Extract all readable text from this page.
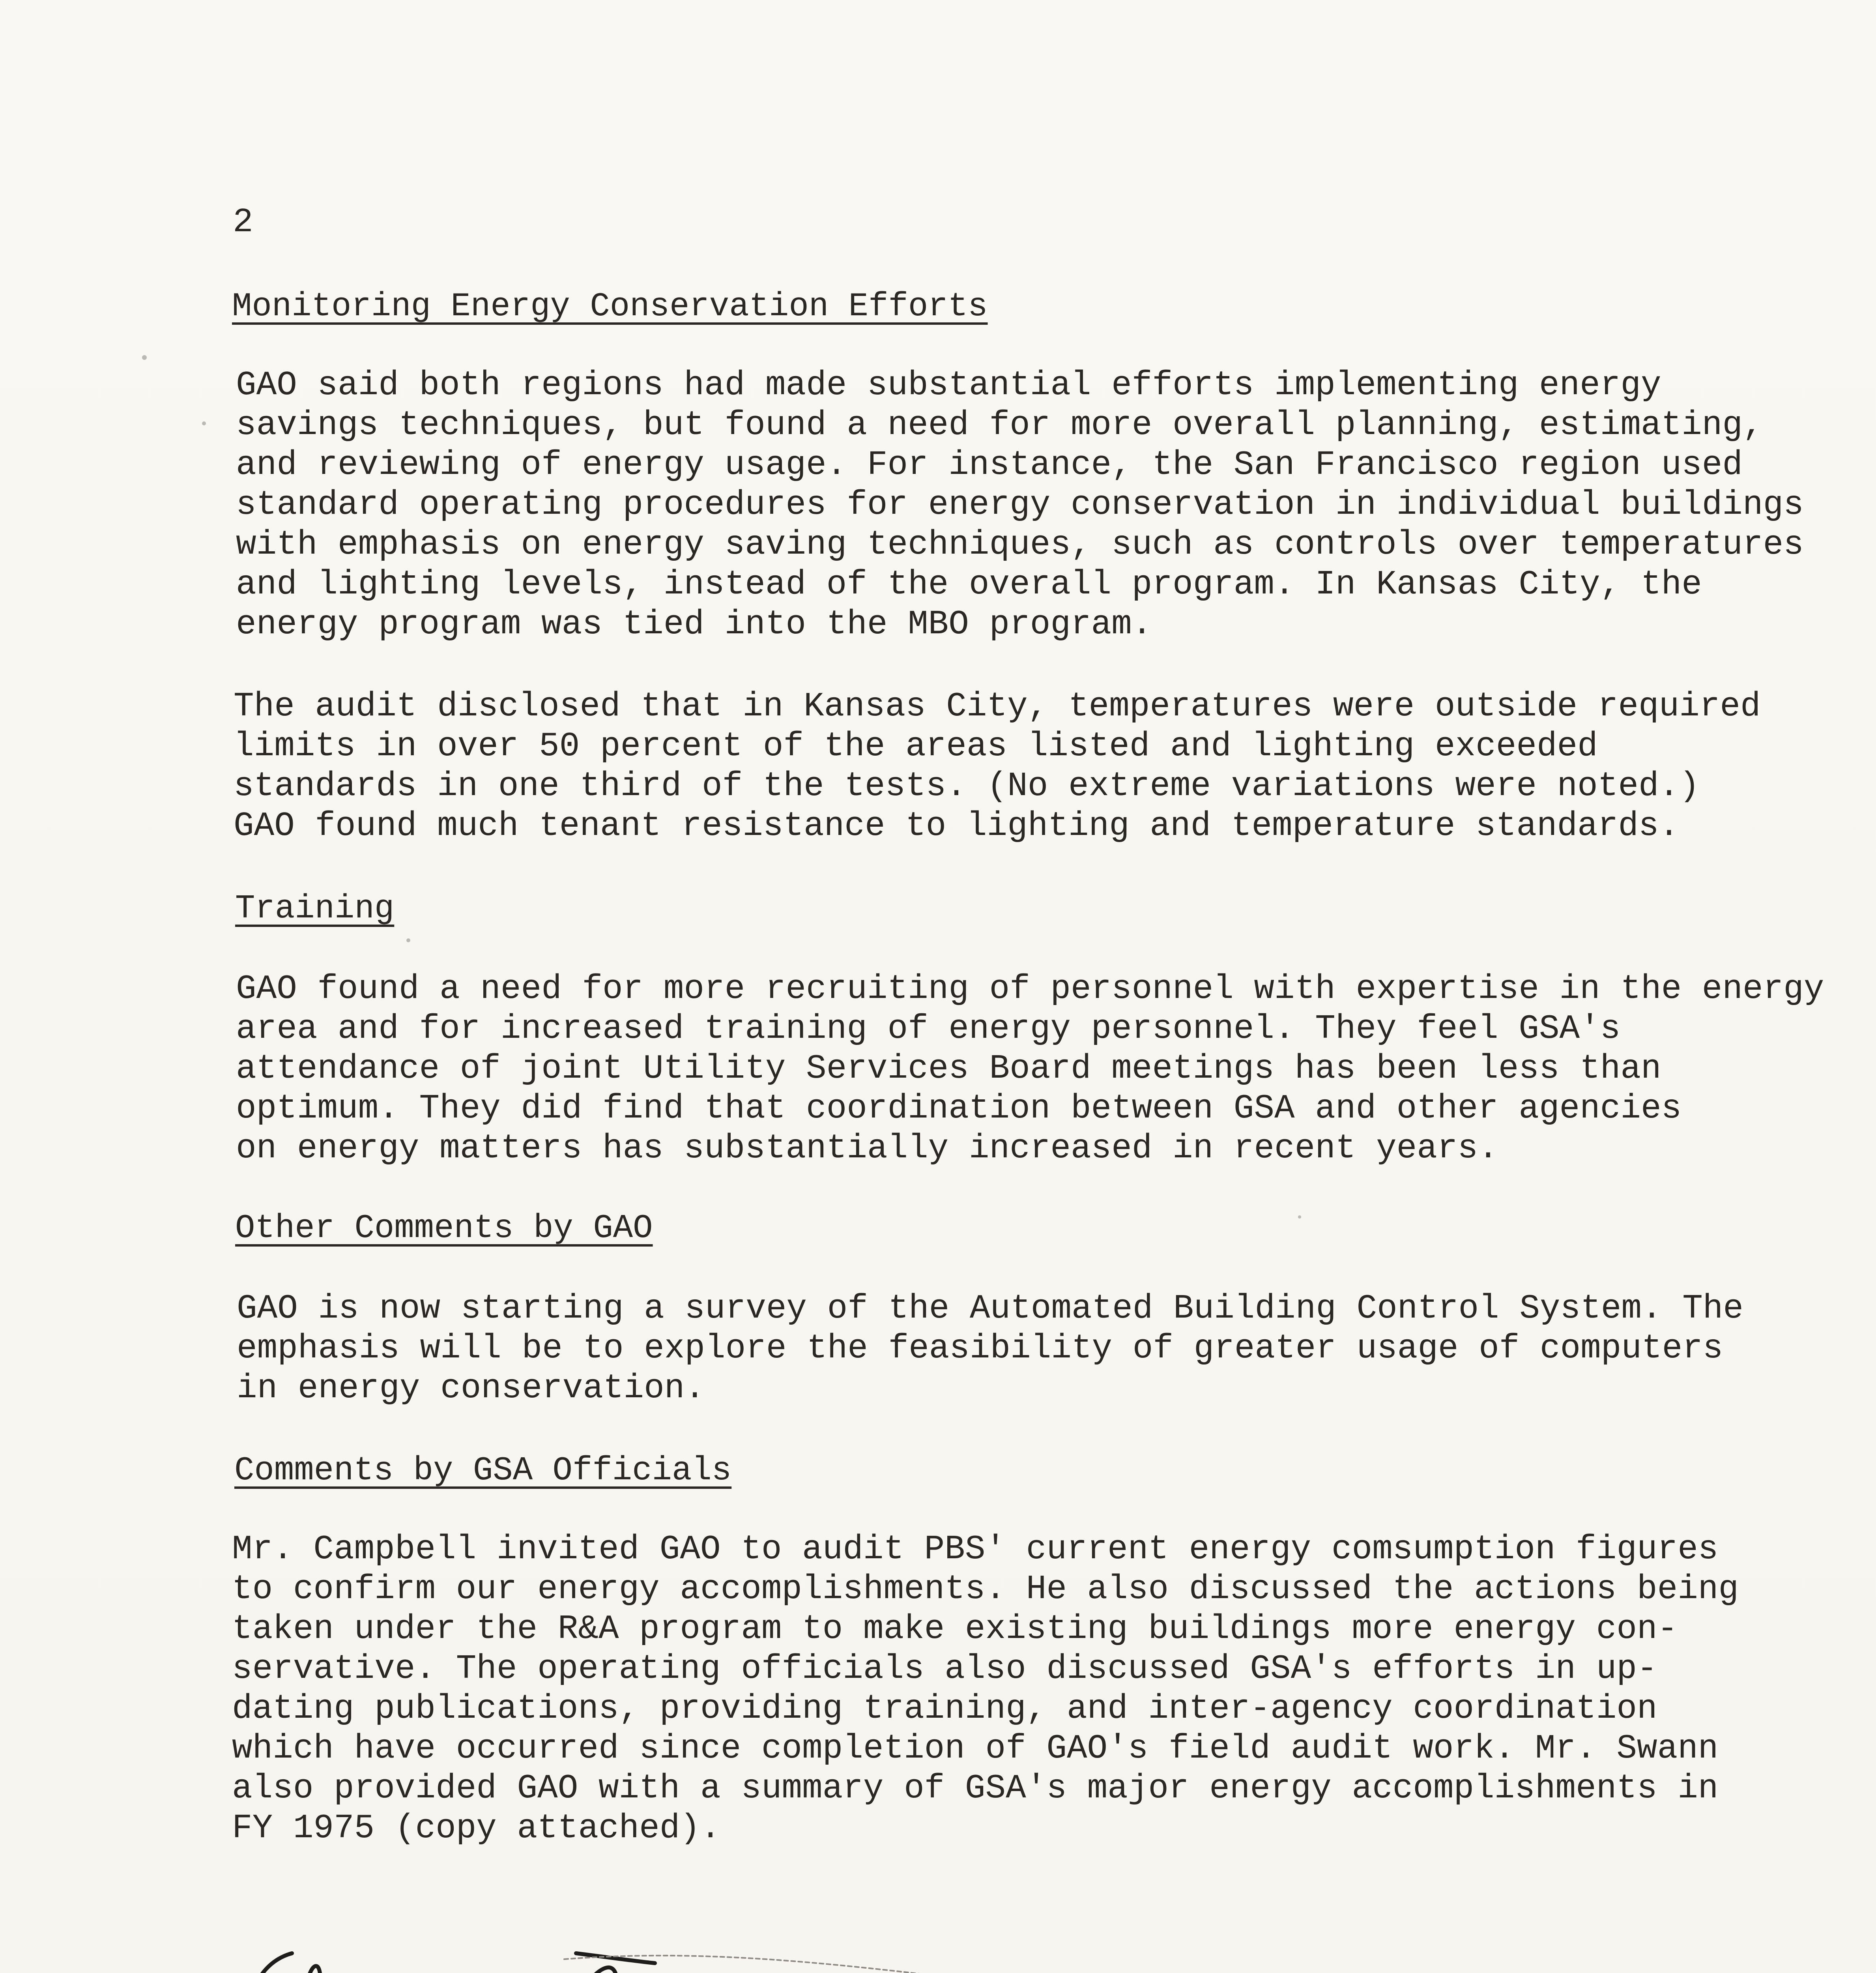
2
Monitoring Energy Conservation Efforts
GAO said both regions had made substantial efforts implementing energy
savings techniques, but found a need for more overall planning, estimating,
and reviewing of energy usage. For instance, the San Francisco region used
standard operating procedures for energy conservation in individual buildings
with emphasis on energy saving techniques, such as controls over temperatures
and lighting levels, instead of the overall program. In Kansas City, the
energy program was tied into the MBO program.
The audit disclosed that in Kansas City, temperatures were outside required
limits in over 50 percent of the areas listed and lighting exceeded
standards in one third of the tests. (No extreme variations were noted.)
GAO found much tenant resistance to lighting and temperature standards.
Training
GAO found a need for more recruiting of personnel with expertise in the energy
area and for increased training of energy personnel. They feel GSA's
attendance of joint Utility Services Board meetings has been less than
optimum. They did find that coordination between GSA and other agencies
on energy matters has substantially increased in recent years.
Other Comments by GAO
GAO is now starting a survey of the Automated Building Control System. The
emphasis will be to explore the feasibility of greater usage of computers
in energy conservation.
Comments by GSA Officials
Mr. Campbell invited GAO to audit PBS' current energy comsumption figures
to confirm our energy accomplishments. He also discussed the actions being
taken under the R&A program to make existing buildings more energy con-
servative. The operating officials also discussed GSA's efforts in up-
dating publications, providing training, and inter-agency coordination
which have occurred since completion of GAO's field audit work. Mr. Swann
also provided GAO with a summary of GSA's major energy accomplishments in
FY 1975 (copy attached).
